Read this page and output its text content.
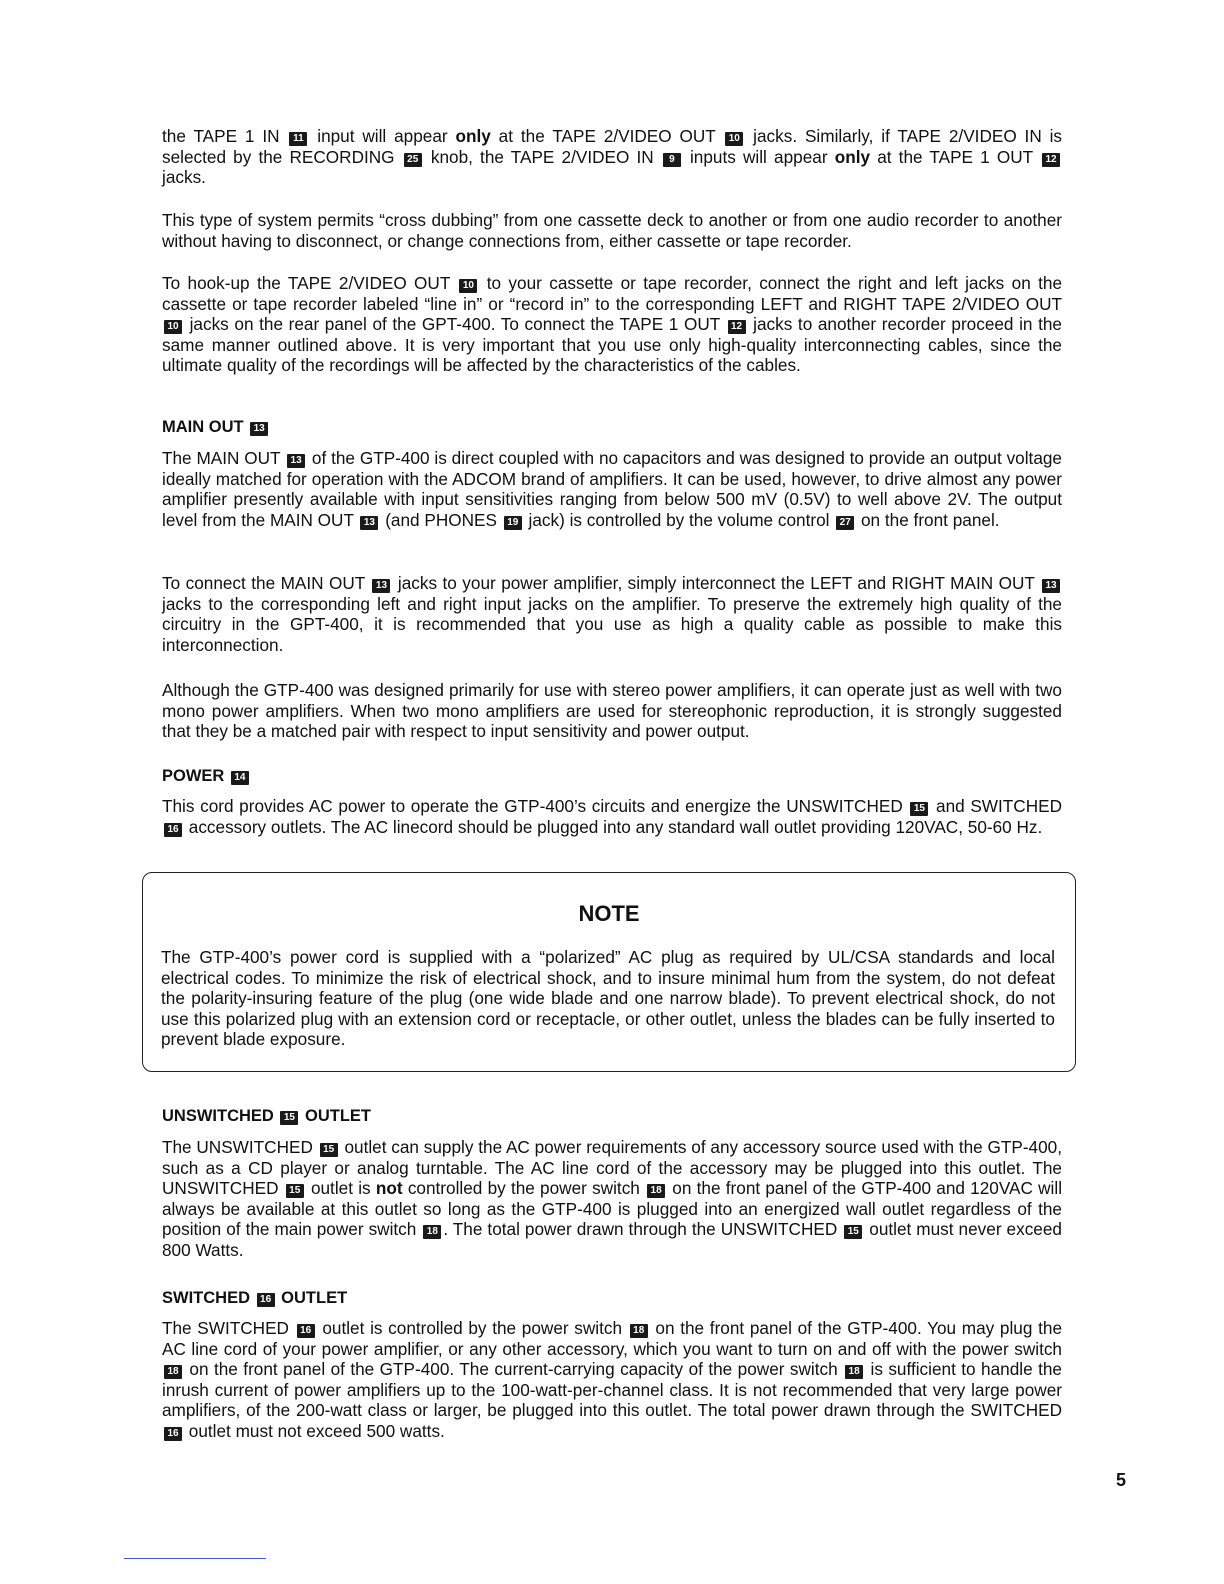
the TAPE 1 IN 11 input will appear only at the TAPE 2/VIDEO OUT 10 jacks. Similarly, if TAPE 2/VIDEO IN is selected by the RECORDING 25 knob, the TAPE 2/VIDEO IN 9 inputs will appear only at the TAPE 1 OUT 12 jacks.
This type of system permits “cross dubbing” from one cassette deck to another or from one audio recorder to another without having to disconnect, or change connections from, either cassette or tape recorder.
To hook-up the TAPE 2/VIDEO OUT 10 to your cassette or tape recorder, connect the right and left jacks on the cassette or tape recorder labeled “line in” or “record in” to the corresponding LEFT and RIGHT TAPE 2/VIDEO OUT 10 jacks on the rear panel of the GPT-400. To connect the TAPE 1 OUT 12 jacks to another recorder proceed in the same manner outlined above. It is very important that you use only high-quality interconnecting cables, since the ultimate quality of the recordings will be affected by the characteristics of the cables.
MAIN OUT 13
The MAIN OUT 13 of the GTP-400 is direct coupled with no capacitors and was designed to provide an output voltage ideally matched for operation with the ADCOM brand of amplifiers. It can be used, however, to drive almost any power amplifier presently available with input sensitivities ranging from below 500 mV (0.5V) to well above 2V. The output level from the MAIN OUT 13 (and PHONES 19 jack) is controlled by the volume control 27 on the front panel.
To connect the MAIN OUT 13 jacks to your power amplifier, simply interconnect the LEFT and RIGHT MAIN OUT 13 jacks to the corresponding left and right input jacks on the amplifier. To preserve the extremely high quality of the circuitry in the GPT-400, it is recommended that you use as high a quality cable as possible to make this interconnection.
Although the GTP-400 was designed primarily for use with stereo power amplifiers, it can operate just as well with two mono power amplifiers. When two mono amplifiers are used for stereophonic reproduction, it is strongly suggested that they be a matched pair with respect to input sensitivity and power output.
POWER 14
This cord provides AC power to operate the GTP-400’s circuits and energize the UNSWITCHED 15 and SWITCHED 16 accessory outlets. The AC linecord should be plugged into any standard wall outlet providing 120VAC, 50-60 Hz.
NOTE
The GTP-400’s power cord is supplied with a “polarized” AC plug as required by UL/CSA standards and local electrical codes. To minimize the risk of electrical shock, and to insure minimal hum from the system, do not defeat the polarity-insuring feature of the plug (one wide blade and one narrow blade). To prevent electrical shock, do not use this polarized plug with an extension cord or receptacle, or other outlet, unless the blades can be fully inserted to prevent blade exposure.
UNSWITCHED 15 OUTLET
The UNSWITCHED 15 outlet can supply the AC power requirements of any accessory source used with the GTP-400, such as a CD player or analog turntable. The AC line cord of the accessory may be plugged into this outlet. The UNSWITCHED 15 outlet is not controlled by the power switch 18 on the front panel of the GTP-400 and 120VAC will always be available at this outlet so long as the GTP-400 is plugged into an energized wall outlet regardless of the position of the main power switch 18 . The total power drawn through the UNSWITCHED 15 outlet must never exceed 800 Watts.
SWITCHED 16 OUTLET
The SWITCHED 16 outlet is controlled by the power switch 18 on the front panel of the GTP-400. You may plug the AC line cord of your power amplifier, or any other accessory, which you want to turn on and off with the power switch 18 on the front panel of the GTP-400. The current-carrying capacity of the power switch 18 is sufficient to handle the inrush current of power amplifiers up to the 100-watt-per-channel class. It is not recommended that very large power amplifiers, of the 200-watt class or larger, be plugged into this outlet. The total power drawn through the SWITCHED 16 outlet must not exceed 500 watts.
5
